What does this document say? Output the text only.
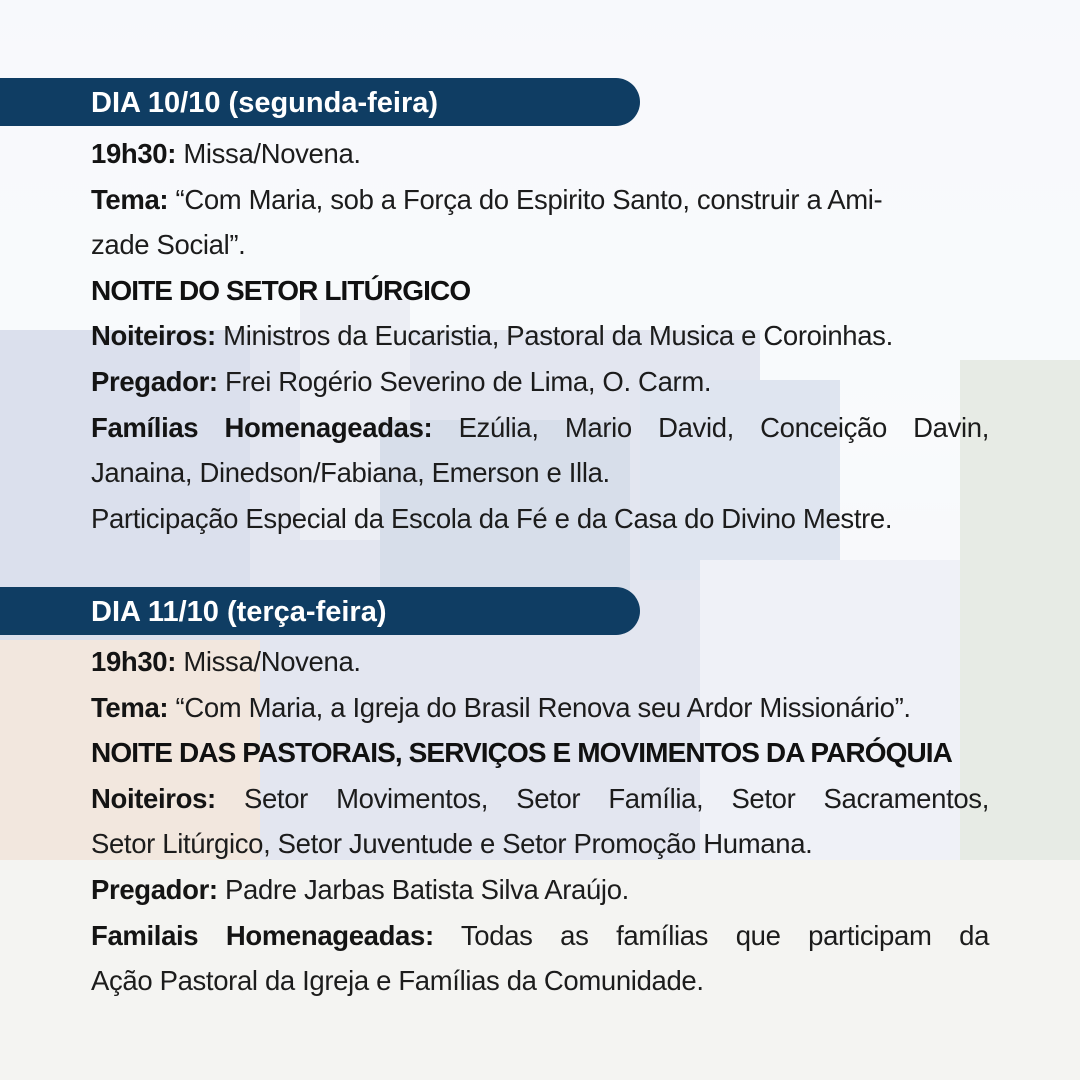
DIA 10/10 (segunda-feira)
19h30: Missa/Novena.
Tema: “Com Maria, sob a Força do Espirito Santo, construir a Ami-
zade Social”.
NOITE DO SETOR LITÚRGICO
Noiteiros: Ministros da Eucaristia, Pastoral da Musica e Coroinhas.
Pregador: Frei Rogério Severino de Lima, O. Carm.
Famílias Homenageadas: Ezúlia, Mario David, Conceição Davin,
Janaina, Dinedson/Fabiana, Emerson e Illa.
Participação Especial da Escola da Fé e da Casa do Divino Mestre.
DIA 11/10 (terça-feira)
19h30: Missa/Novena.
Tema: “Com Maria, a Igreja do Brasil Renova seu Ardor Missionário”.
NOITE DAS PASTORAIS, SERVIÇOS E MOVIMENTOS DA PARÓQUIA
Noiteiros: Setor Movimentos, Setor Família, Setor Sacramentos,
Setor Litúrgico, Setor Juventude e Setor Promoção Humana.
Pregador: Padre Jarbas Batista Silva Araújo.
Familais Homenageadas: Todas as famílias que participam da
Ação Pastoral da Igreja e Famílias da Comunidade.
